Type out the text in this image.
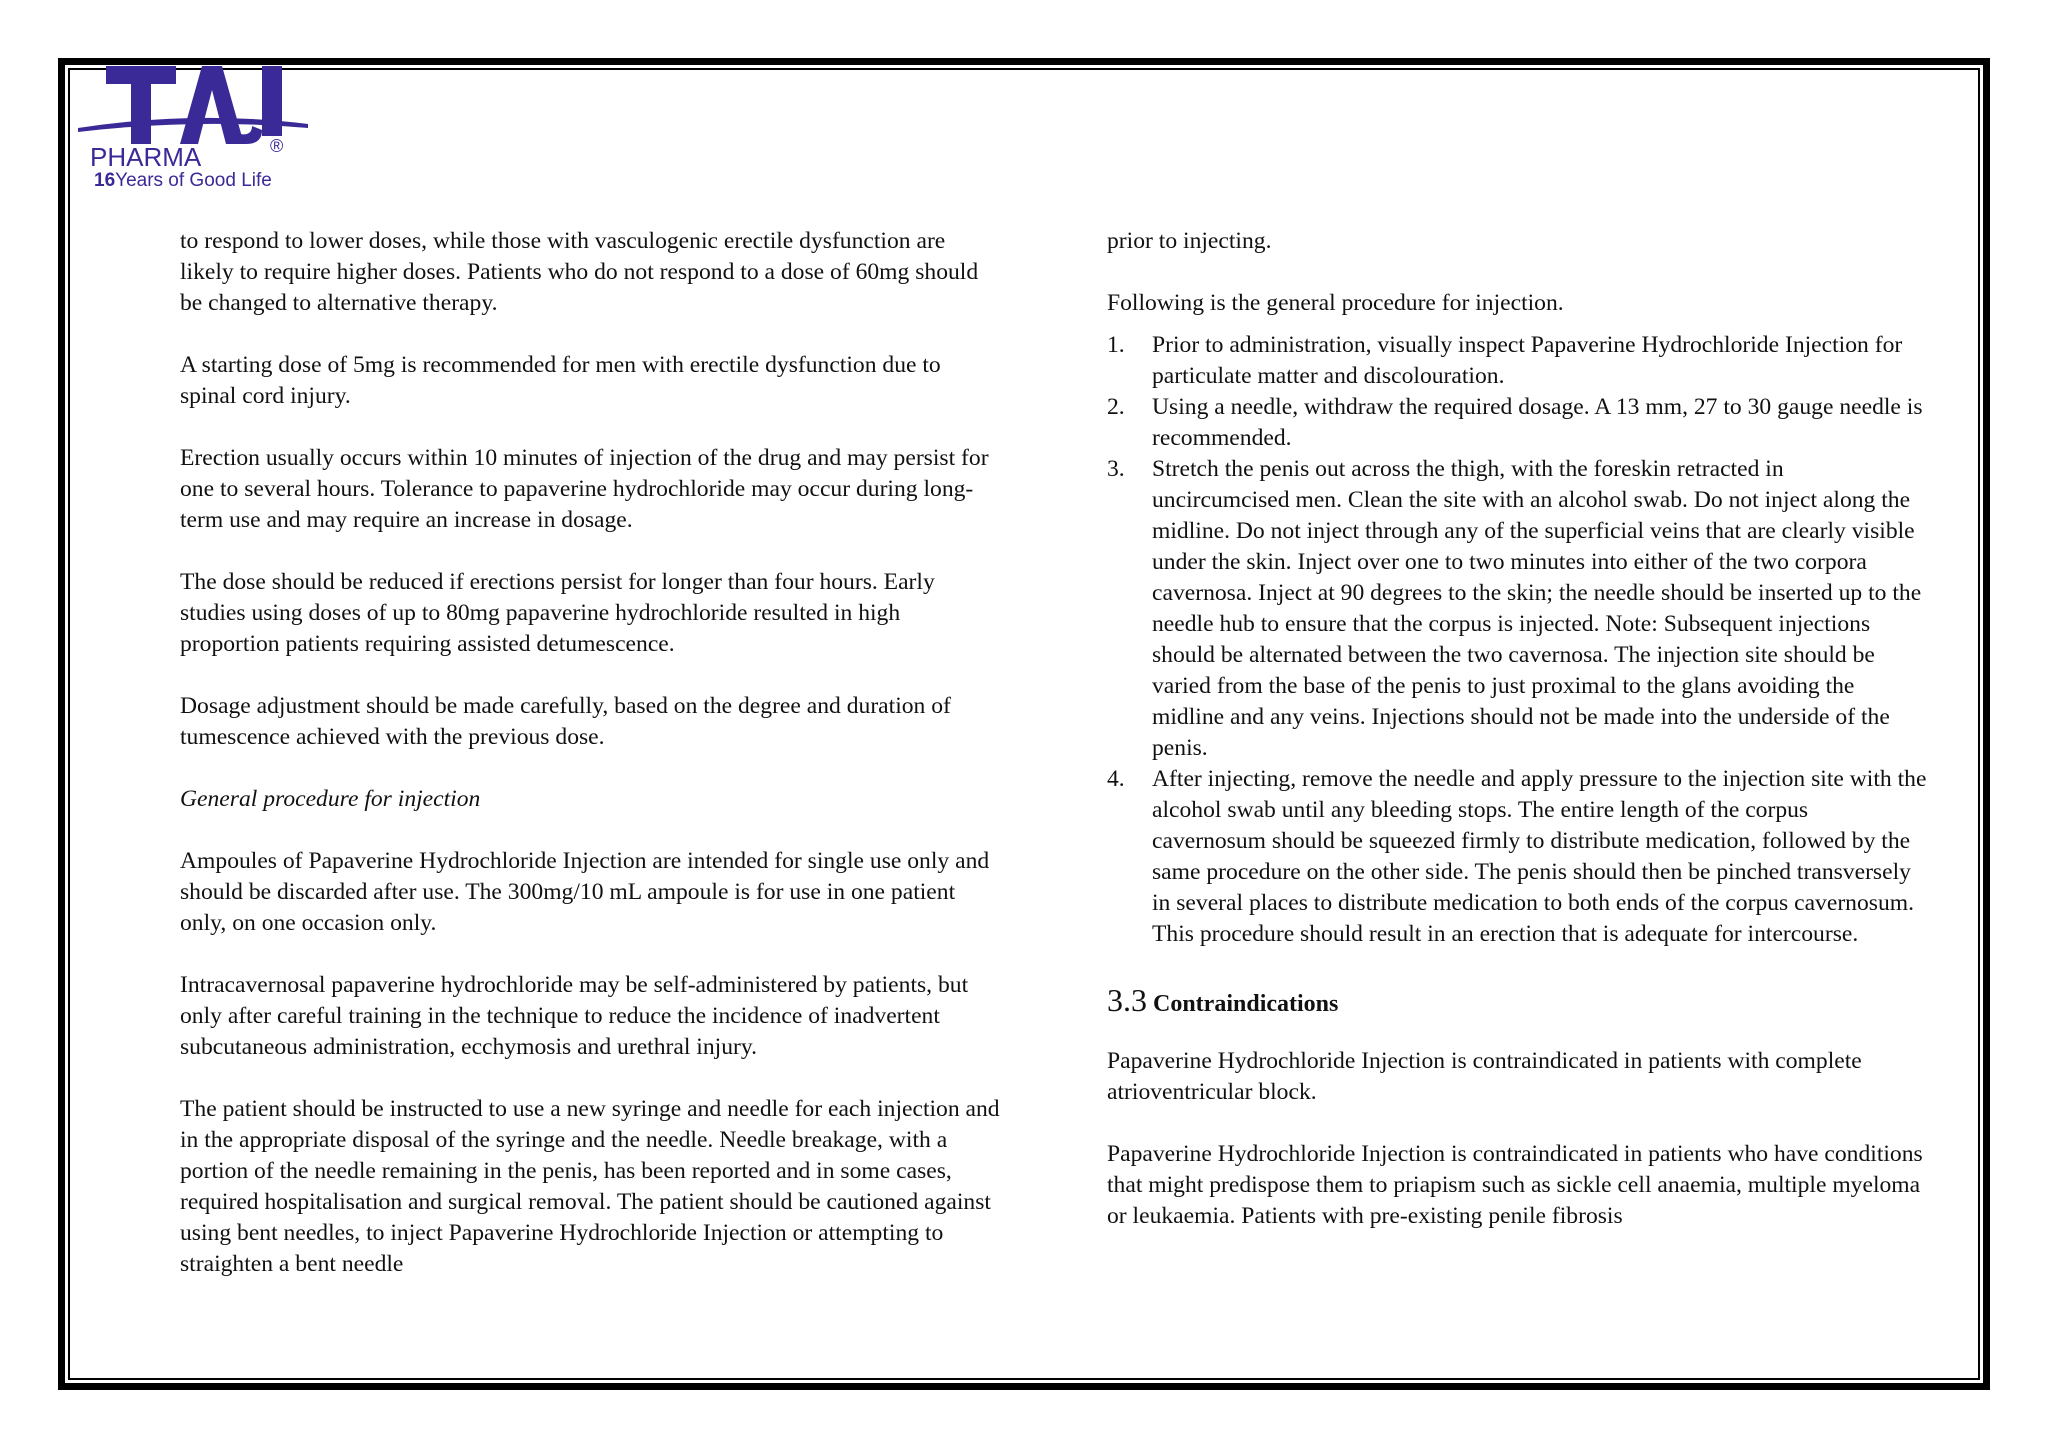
PHARMA	®
16Years of Good Life

to respond to lower doses, while those with vasculogenic erectile dysfunction are likely to require higher doses. Patients who do not respond to a dose of 60mg should be changed to alternative therapy.

A starting dose of 5mg is recommended for men with erectile dysfunction due to spinal cord injury.

Erection usually occurs within 10 minutes of injection of the drug and may persist for one to several hours. Tolerance to papaverine hydrochloride may occur during long-term use and may require an increase in dosage.

The dose should be reduced if erections persist for longer than four hours. Early studies using doses of up to 80mg papaverine hydrochloride resulted in high proportion patients requiring assisted detumescence.

Dosage adjustment should be made carefully, based on the degree and duration of tumescence achieved with the previous dose.

General procedure for injection

Ampoules of Papaverine Hydrochloride Injection are intended for single use only and should be discarded after use. The 300mg/10 mL ampoule is for use in one patient only, on one occasion only.

Intracavernosal papaverine hydrochloride may be self-administered by patients, but only after careful training in the technique to reduce the incidence of inadvertent subcutaneous administration, ecchymosis and urethral injury.

The patient should be instructed to use a new syringe and needle for each injection and in the appropriate disposal of the syringe and the needle. Needle breakage, with a portion of the needle remaining in the penis, has been reported and in some cases, required hospitalisation and surgical removal. The patient should be cautioned against using bent needles, to inject Papaverine Hydrochloride Injection or attempting to straighten a bent needle

prior to injecting.

Following is the general procedure for injection.

1. Prior to administration, visually inspect Papaverine Hydrochloride Injection for particulate matter and discolouration.
2. Using a needle, withdraw the required dosage. A 13 mm, 27 to 30 gauge needle is recommended.
3. Stretch the penis out across the thigh, with the foreskin retracted in uncircumcised men. Clean the site with an alcohol swab. Do not inject along the midline. Do not inject through any of the superficial veins that are clearly visible under the skin. Inject over one to two minutes into either of the two corpora cavernosa. Inject at 90 degrees to the skin; the needle should be inserted up to the needle hub to ensure that the corpus is injected. Note: Subsequent injections should be alternated between the two cavernosa. The injection site should be varied from the base of the penis to just proximal to the glans avoiding the midline and any veins. Injections should not be made into the underside of the penis.
4. After injecting, remove the needle and apply pressure to the injection site with the alcohol swab until any bleeding stops. The entire length of the corpus cavernosum should be squeezed firmly to distribute medication, followed by the same procedure on the other side. The penis should then be pinched transversely in several places to distribute medication to both ends of the corpus cavernosum. This procedure should result in an erection that is adequate for intercourse.
3.3 Contraindications

Papaverine Hydrochloride Injection is contraindicated in patients with complete atrioventricular block.

Papaverine Hydrochloride Injection is contraindicated in patients who have conditions that might predispose them to priapism such as sickle cell anaemia, multiple myeloma or leukaemia. Patients with pre-existing penile fibrosis
